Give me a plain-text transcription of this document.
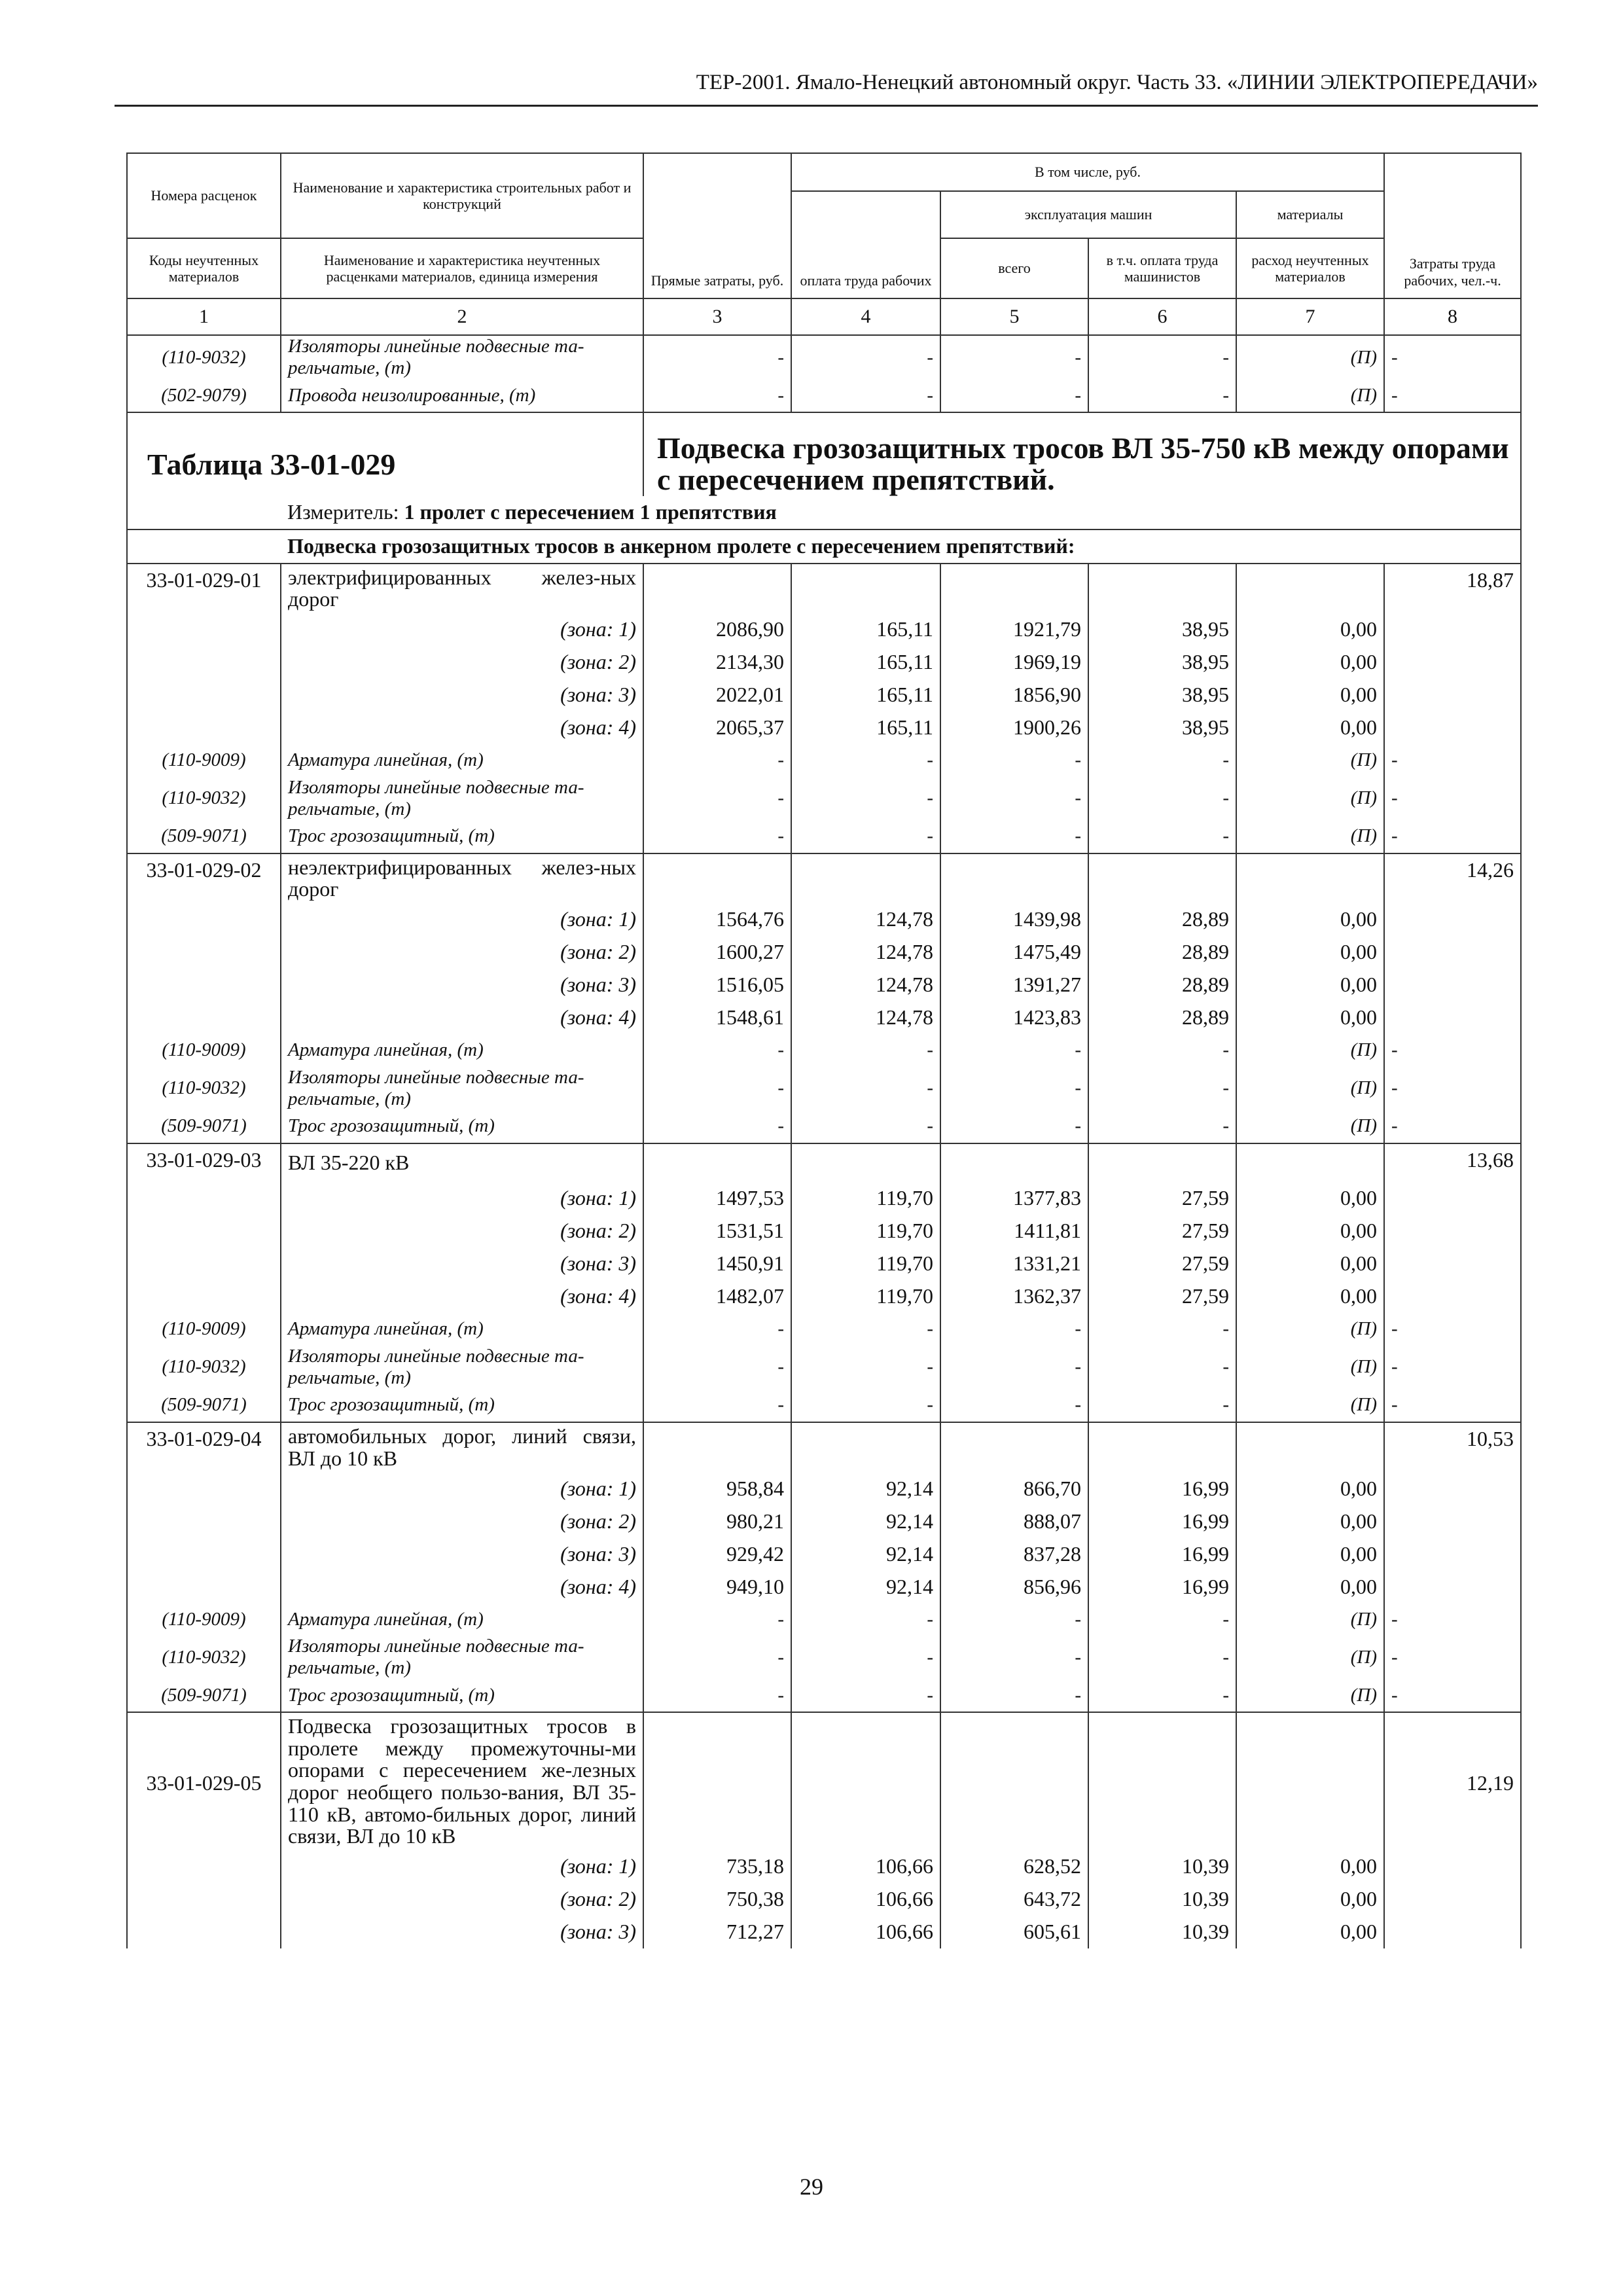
ТЕР-2001. Ямало-Ненецкий автономный округ. Часть 33. «ЛИНИИ ЭЛЕКТРОПЕРЕДАЧИ»
Номера расценок	Наименование и характеристика строительных работ и конструкций	Прямые затраты, руб.	В том числе, руб.				Затраты труда рабочих, чел.-ч.
			оплата труда рабочих	эксплуатация машин		материалы	
Коды неучтенных материалов	Наименование и характеристика неучтенных расценками материалов, единица измерения			всего	в т.ч. оплата труда машинистов	расход неучтенных материалов	
1	2	3	4	5	6	7	8
(110-9032)	Изоляторы линейные подвесные та-рельчатые, (т)	-	-	-	-	(П)	-
(502-9079)	Провода неизолированные, (т)	-	-	-	-	(П)	-
Таблица 33-01-029		Подвеска грозозащитных тросов ВЛ 35-750 кВ между опорами с пересечением препятствий.					
	Измеритель: 1 пролет с пересечением 1 препятствия						
	Подвеска грозозащитных тросов в анкерном пролете с пересечением препятствий:						
33-01-029-01	электрифицированных желез-ных дорог						18,87
	(зона: 1)	2086,90	165,11	1921,79	38,95	0,00	
	(зона: 2)	2134,30	165,11	1969,19	38,95	0,00	
	(зона: 3)	2022,01	165,11	1856,90	38,95	0,00	
	(зона: 4)	2065,37	165,11	1900,26	38,95	0,00	
(110-9009)	Арматура линейная, (т)	-	-	-	-	(П)	-
(110-9032)	Изоляторы линейные подвесные та-рельчатые, (т)	-	-	-	-	(П)	-
(509-9071)	Трос грозозащитный, (т)	-	-	-	-	(П)	-
33-01-029-02	неэлектрифицированных желез-ных дорог						14,26
	(зона: 1)	1564,76	124,78	1439,98	28,89	0,00	
	(зона: 2)	1600,27	124,78	1475,49	28,89	0,00	
	(зона: 3)	1516,05	124,78	1391,27	28,89	0,00	
	(зона: 4)	1548,61	124,78	1423,83	28,89	0,00	
(110-9009)	Арматура линейная, (т)	-	-	-	-	(П)	-
(110-9032)	Изоляторы линейные подвесные та-рельчатые, (т)	-	-	-	-	(П)	-
(509-9071)	Трос грозозащитный, (т)	-	-	-	-	(П)	-
33-01-029-03	ВЛ 35-220 кВ						13,68
	(зона: 1)	1497,53	119,70	1377,83	27,59	0,00	
	(зона: 2)	1531,51	119,70	1411,81	27,59	0,00	
	(зона: 3)	1450,91	119,70	1331,21	27,59	0,00	
	(зона: 4)	1482,07	119,70	1362,37	27,59	0,00	
(110-9009)	Арматура линейная, (т)	-	-	-	-	(П)	-
(110-9032)	Изоляторы линейные подвесные та-рельчатые, (т)	-	-	-	-	(П)	-
(509-9071)	Трос грозозащитный, (т)	-	-	-	-	(П)	-
33-01-029-04	автомобильных дорог, линий связи, ВЛ до 10 кВ						10,53
	(зона: 1)	958,84	92,14	866,70	16,99	0,00	
	(зона: 2)	980,21	92,14	888,07	16,99	0,00	
	(зона: 3)	929,42	92,14	837,28	16,99	0,00	
	(зона: 4)	949,10	92,14	856,96	16,99	0,00	
(110-9009)	Арматура линейная, (т)	-	-	-	-	(П)	-
(110-9032)	Изоляторы линейные подвесные та-рельчатые, (т)	-	-	-	-	(П)	-
(509-9071)	Трос грозозащитный, (т)	-	-	-	-	(П)	-
33-01-029-05	Подвеска грозозащитных тросов в пролете между промежуточны-ми опорами с пересечением же-лезных дорог необщего пользо-вания, ВЛ 35-110 кВ, автомо-бильных дорог, линий связи, ВЛ до 10 кВ						12,19
	(зона: 1)	735,18	106,66	628,52	10,39	0,00	
	(зона: 2)	750,38	106,66	643,72	10,39	0,00	
	(зона: 3)	712,27	106,66	605,61	10,39	0,00	
29
